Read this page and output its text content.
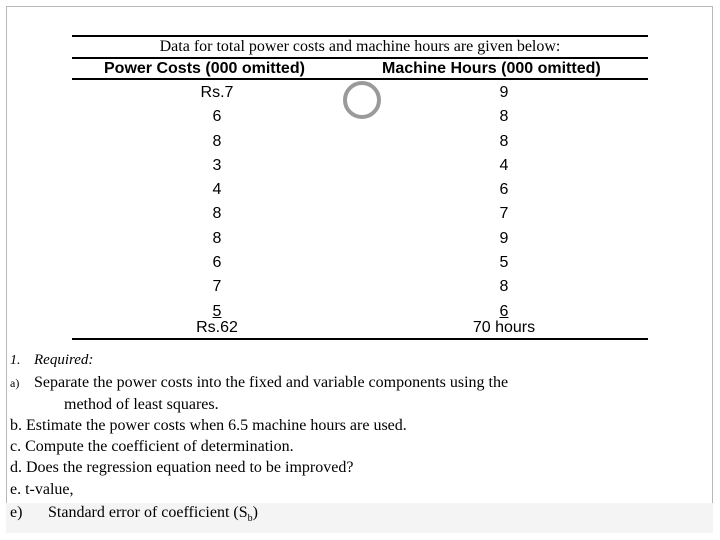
Data for total power costs and machine hours are given below:
Power Costs (000 omitted)	Machine Hours (000 omitted)
Rs.7
6
8
3
4
8
8
6
7
5
9
8
8
4
6
7
9
5
8
6
Rs.62	70 hours
1. Required:
a) Separate the power costs into the fixed and variable components using the
method of least squares.
b. Estimate the power costs when 6.5 machine hours are used.
c. Compute the coefficient of determination.
d. Does the regression equation need to be improved?
e. t-value,
e) Standard error of coefficient $(S_b)$
